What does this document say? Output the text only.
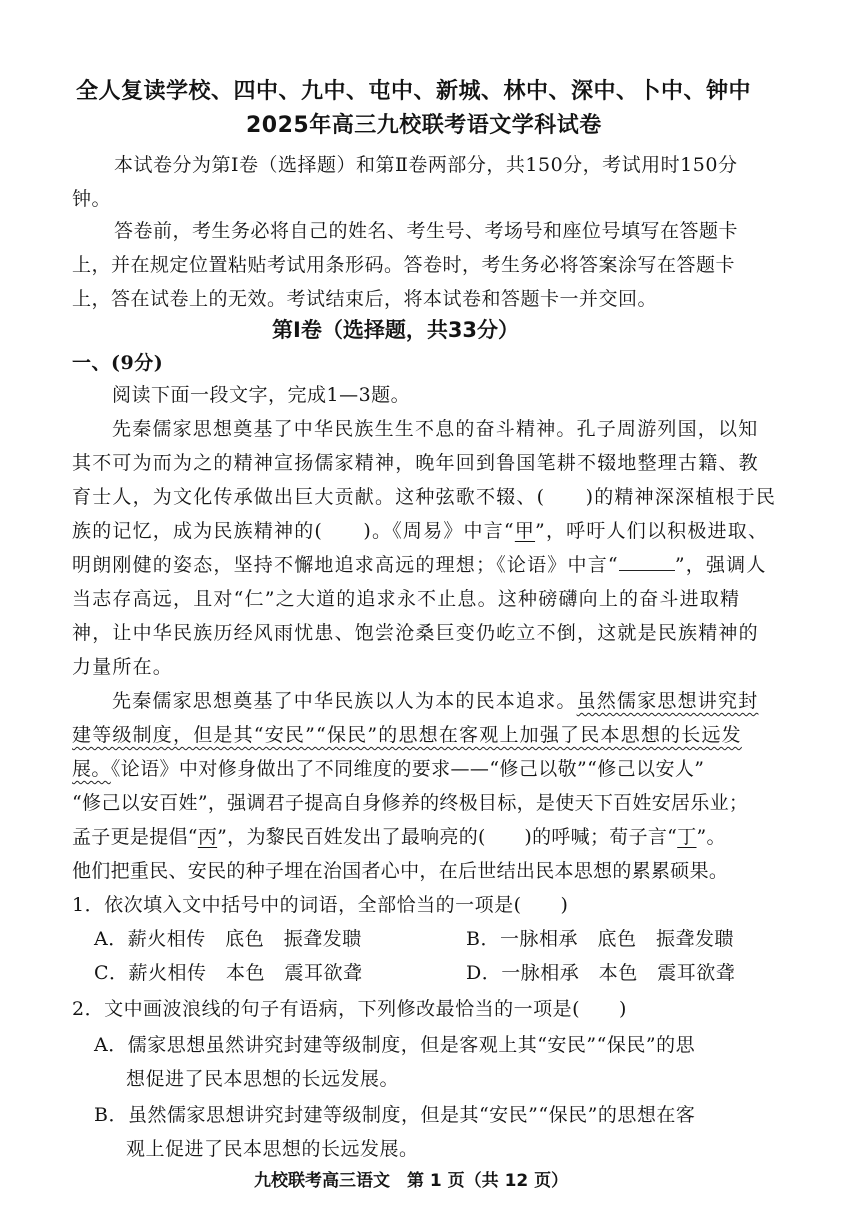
全人复读学校、四中、九中、屯中、新城、林中、深中、卜中、钟中
2025年高三九校联考语文学科试卷
本试卷分为第Ⅰ卷（选择题）和第Ⅱ卷两部分，共150分，考试用时150分
钟。
答卷前，考生务必将自己的姓名、考生号、考场号和座位号填写在答题卡
上，并在规定位置粘贴考试用条形码。答卷时，考生务必将答案涂写在答题卡
上，答在试卷上的无效。考试结束后，将本试卷和答题卡一并交回。
第Ⅰ卷（选择题，共33分）
一、(9分)
阅读下面一段文字，完成1—3题。
先秦儒家思想奠基了中华民族生生不息的奋斗精神。孔子周游列国，以知
其不可为而为之的精神宣扬儒家精神，晚年回到鲁国笔耕不辍地整理古籍、教
育士人，为文化传承做出巨大贡献。这种弦歌不辍、(　　)的精神深深植根于民
族的记忆，成为民族精神的(　　)。《周易》中言“甲”，呼吁人们以积极进取、
明朗刚健的姿态，坚持不懈地追求高远的理想；《论语》中言“	”，强调人
当志存高远，且对“仁”之大道的追求永不止息。这种磅礴向上的奋斗进取精
神，让中华民族历经风雨忧患、饱尝沧桑巨变仍屹立不倒，这就是民族精神的
力量所在。
先秦儒家思想奠基了中华民族以人为本的民本追求。虽然儒家思想讲究封
建等级制度，但是其“安民”“保民”的思想在客观上加强了民本思想的长远发
展。《论语》中对修身做出了不同维度的要求——“修己以敬”“修己以安人”
“修己以安百姓”，强调君子提高自身修养的终极目标，是使天下百姓安居乐业；
孟子更是提倡“丙”，为黎民百姓发出了最响亮的(　　)的呼喊；荀子言“丁”。
他们把重民、安民的种子埋在治国者心中，在后世结出民本思想的累累硕果。
1．依次填入文中括号中的词语，全部恰当的一项是(　　)
A．薪火相传　底色　振聋发聩	B．一脉相承　底色　振聋发聩
C．薪火相传　本色　震耳欲聋	D．一脉相承　本色　震耳欲聋
2．文中画波浪线的句子有语病，下列修改最恰当的一项是(　　)
A．儒家思想虽然讲究封建等级制度，但是客观上其“安民”“保民”的思
想促进了民本思想的长远发展。
B．虽然儒家思想讲究封建等级制度，但是其“安民”“保民”的思想在客
观上促进了民本思想的长远发展。
九校联考高三语文　第 1 页（共 12 页）
